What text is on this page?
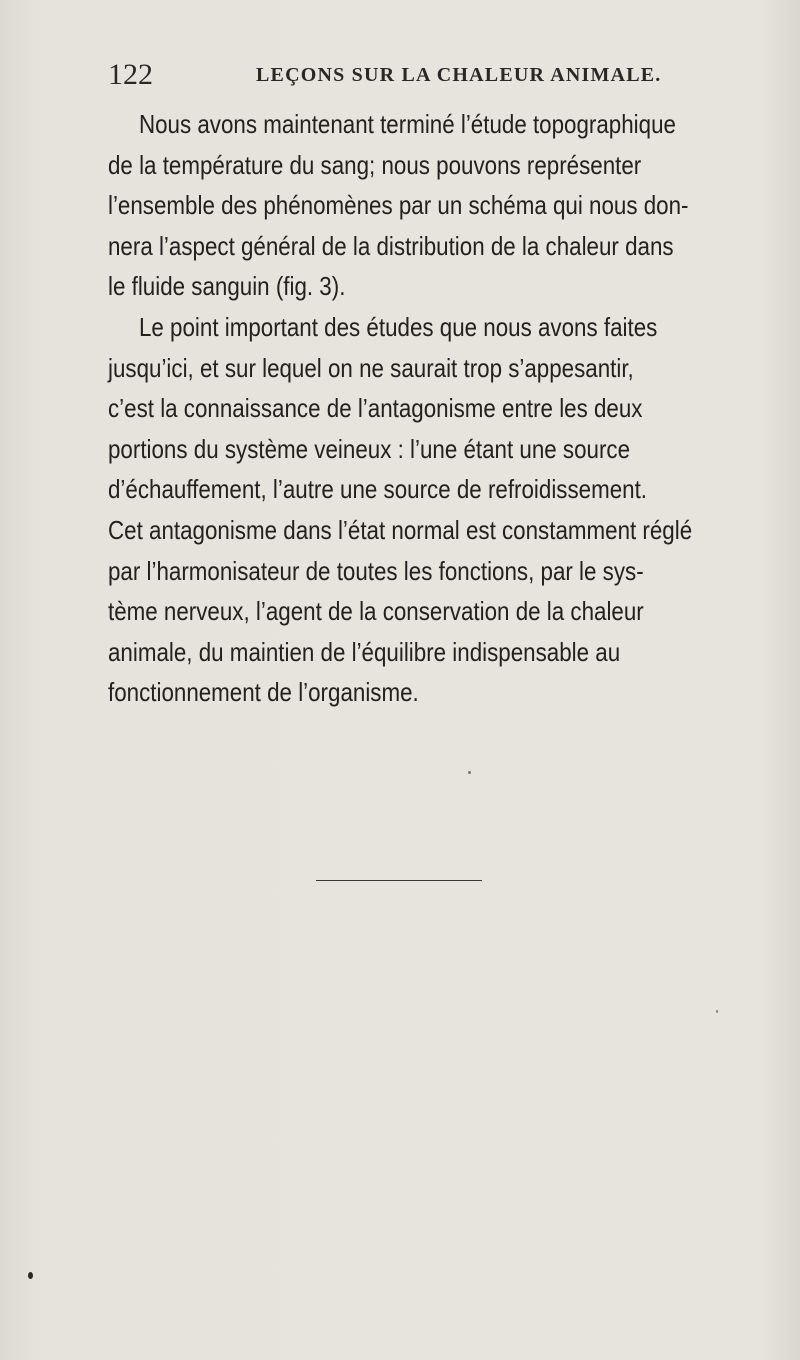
122	LEÇONS SUR LA CHALEUR ANIMALE.
Nous avons maintenant terminé l’étude topographique
de la température du sang; nous pouvons représenter
l’ensemble des phénomènes par un schéma qui nous don-
nera l’aspect général de la distribution de la chaleur dans
le fluide sanguin (fig. 3).
Le point important des études que nous avons faites
jusqu’ici, et sur lequel on ne saurait trop s’appesantir,
c’est la connaissance de l’antagonisme entre les deux
portions du système veineux : l’une étant une source
d’échauffement, l’autre une source de refroidissement.
Cet antagonisme dans l’état normal est constamment réglé
par l’harmonisateur de toutes les fonctions, par le sys-
tème nerveux, l’agent de la conservation de la chaleur
animale, du maintien de l’équilibre indispensable au
fonctionnement de l’organisme.
